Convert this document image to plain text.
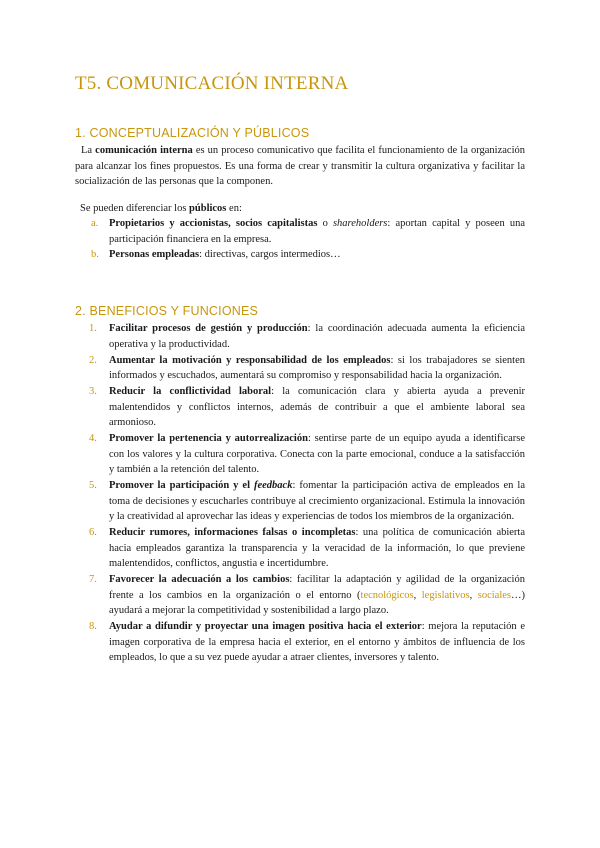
T5. COMUNICACIÓN INTERNA
1. CONCEPTUALIZACIÓN Y PÚBLICOS

La comunicación interna es un proceso comunicativo que facilita el funcionamiento de la organización para alcanzar los fines propuestos. Es una forma de crear y transmitir la cultura organizativa y facilitar la socialización de las personas que la componen.

Se pueden diferenciar los públicos en:

a. Propietarios y accionistas, socios capitalistas o shareholders: aportan capital y poseen una participación financiera en la empresa.
b. Personas empleadas: directivas, cargos intermedios…
2. BENEFICIOS Y FUNCIONES
1. Facilitar procesos de gestión y producción: la coordinación adecuada aumenta la eficiencia operativa y la productividad.
2. Aumentar la motivación y responsabilidad de los empleados: si los trabajadores se sienten informados y escuchados, aumentará su compromiso y responsabilidad hacia la organización.
3. Reducir la conflictividad laboral: la comunicación clara y abierta ayuda a prevenir malentendidos y conflictos internos, además de contribuir a que el ambiente laboral sea armonioso.
4. Promover la pertenencia y autorrealización: sentirse parte de un equipo ayuda a identificarse con los valores y la cultura corporativa. Conecta con la parte emocional, conduce a la satisfacción y también a la retención del talento.
5. Promover la participación y el feedback: fomentar la participación activa de empleados en la toma de decisiones y escucharles contribuye al crecimiento organizacional. Estimula la innovación y la creatividad al aprovechar las ideas y experiencias de todos los miembros de la organización.
6. Reducir rumores, informaciones falsas o incompletas: una política de comunicación abierta hacia empleados garantiza la transparencia y la veracidad de la información, lo que previene malentendidos, conflictos, angustia e incertidumbre.
7. Favorecer la adecuación a los cambios: facilitar la adaptación y agilidad de la organización frente a los cambios en la organización o el entorno (tecnológicos, legislativos, sociales…) ayudará a mejorar la competitividad y sostenibilidad a largo plazo.
8. Ayudar a difundir y proyectar una imagen positiva hacia el exterior: mejora la reputación e imagen corporativa de la empresa hacia el exterior, en el entorno y ámbitos de influencia de los empleados, lo que a su vez puede ayudar a atraer clientes, inversores y talento.
